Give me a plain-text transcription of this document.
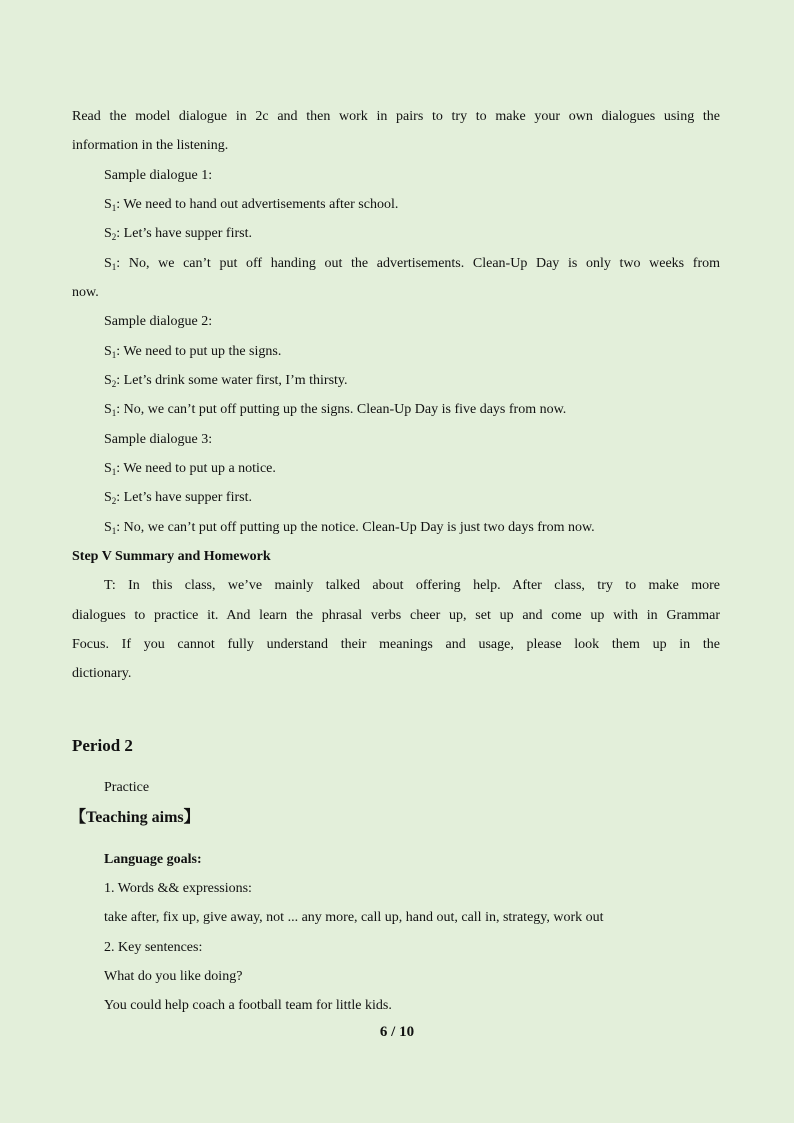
Read the model dialogue in 2c and then work in pairs to try to make your own dialogues using the
information in the listening.
Sample dialogue 1:
$S_1$: We need to hand out advertisements after school.
$S_2$: Let’s have supper first.
$S_1$: No, we can’t put off handing out the advertisements. Clean-Up Day is only two weeks from
now.
Sample dialogue 2:
$S_1$: We need to put up the signs.
$S_2$: Let’s drink some water first, I’m thirsty.
$S_1$: No, we can’t put off putting up the signs. Clean-Up Day is five days from now.
Sample dialogue 3:
$S_1$: We need to put up a notice.
$S_2$: Let’s have supper first.
$S_1$: No, we can’t put off putting up the notice. Clean-Up Day is just two days from now.
Step V Summary and Homework
T: In this class, we’ve mainly talked about offering help. After class, try to make more
dialogues to practice it. And learn the phrasal verbs cheer up, set up and come up with in Grammar
Focus. If you cannot fully understand their meanings and usage, please look them up in the
dictionary.
Period 2
Practice
【Teaching aims】
Language goals:
1. Words && expressions:
take after, fix up, give away, not ... any more, call up, hand out, call in, strategy, work out
2. Key sentences:
What do you like doing?
You could help coach a football team for little kids.
6 / 10
